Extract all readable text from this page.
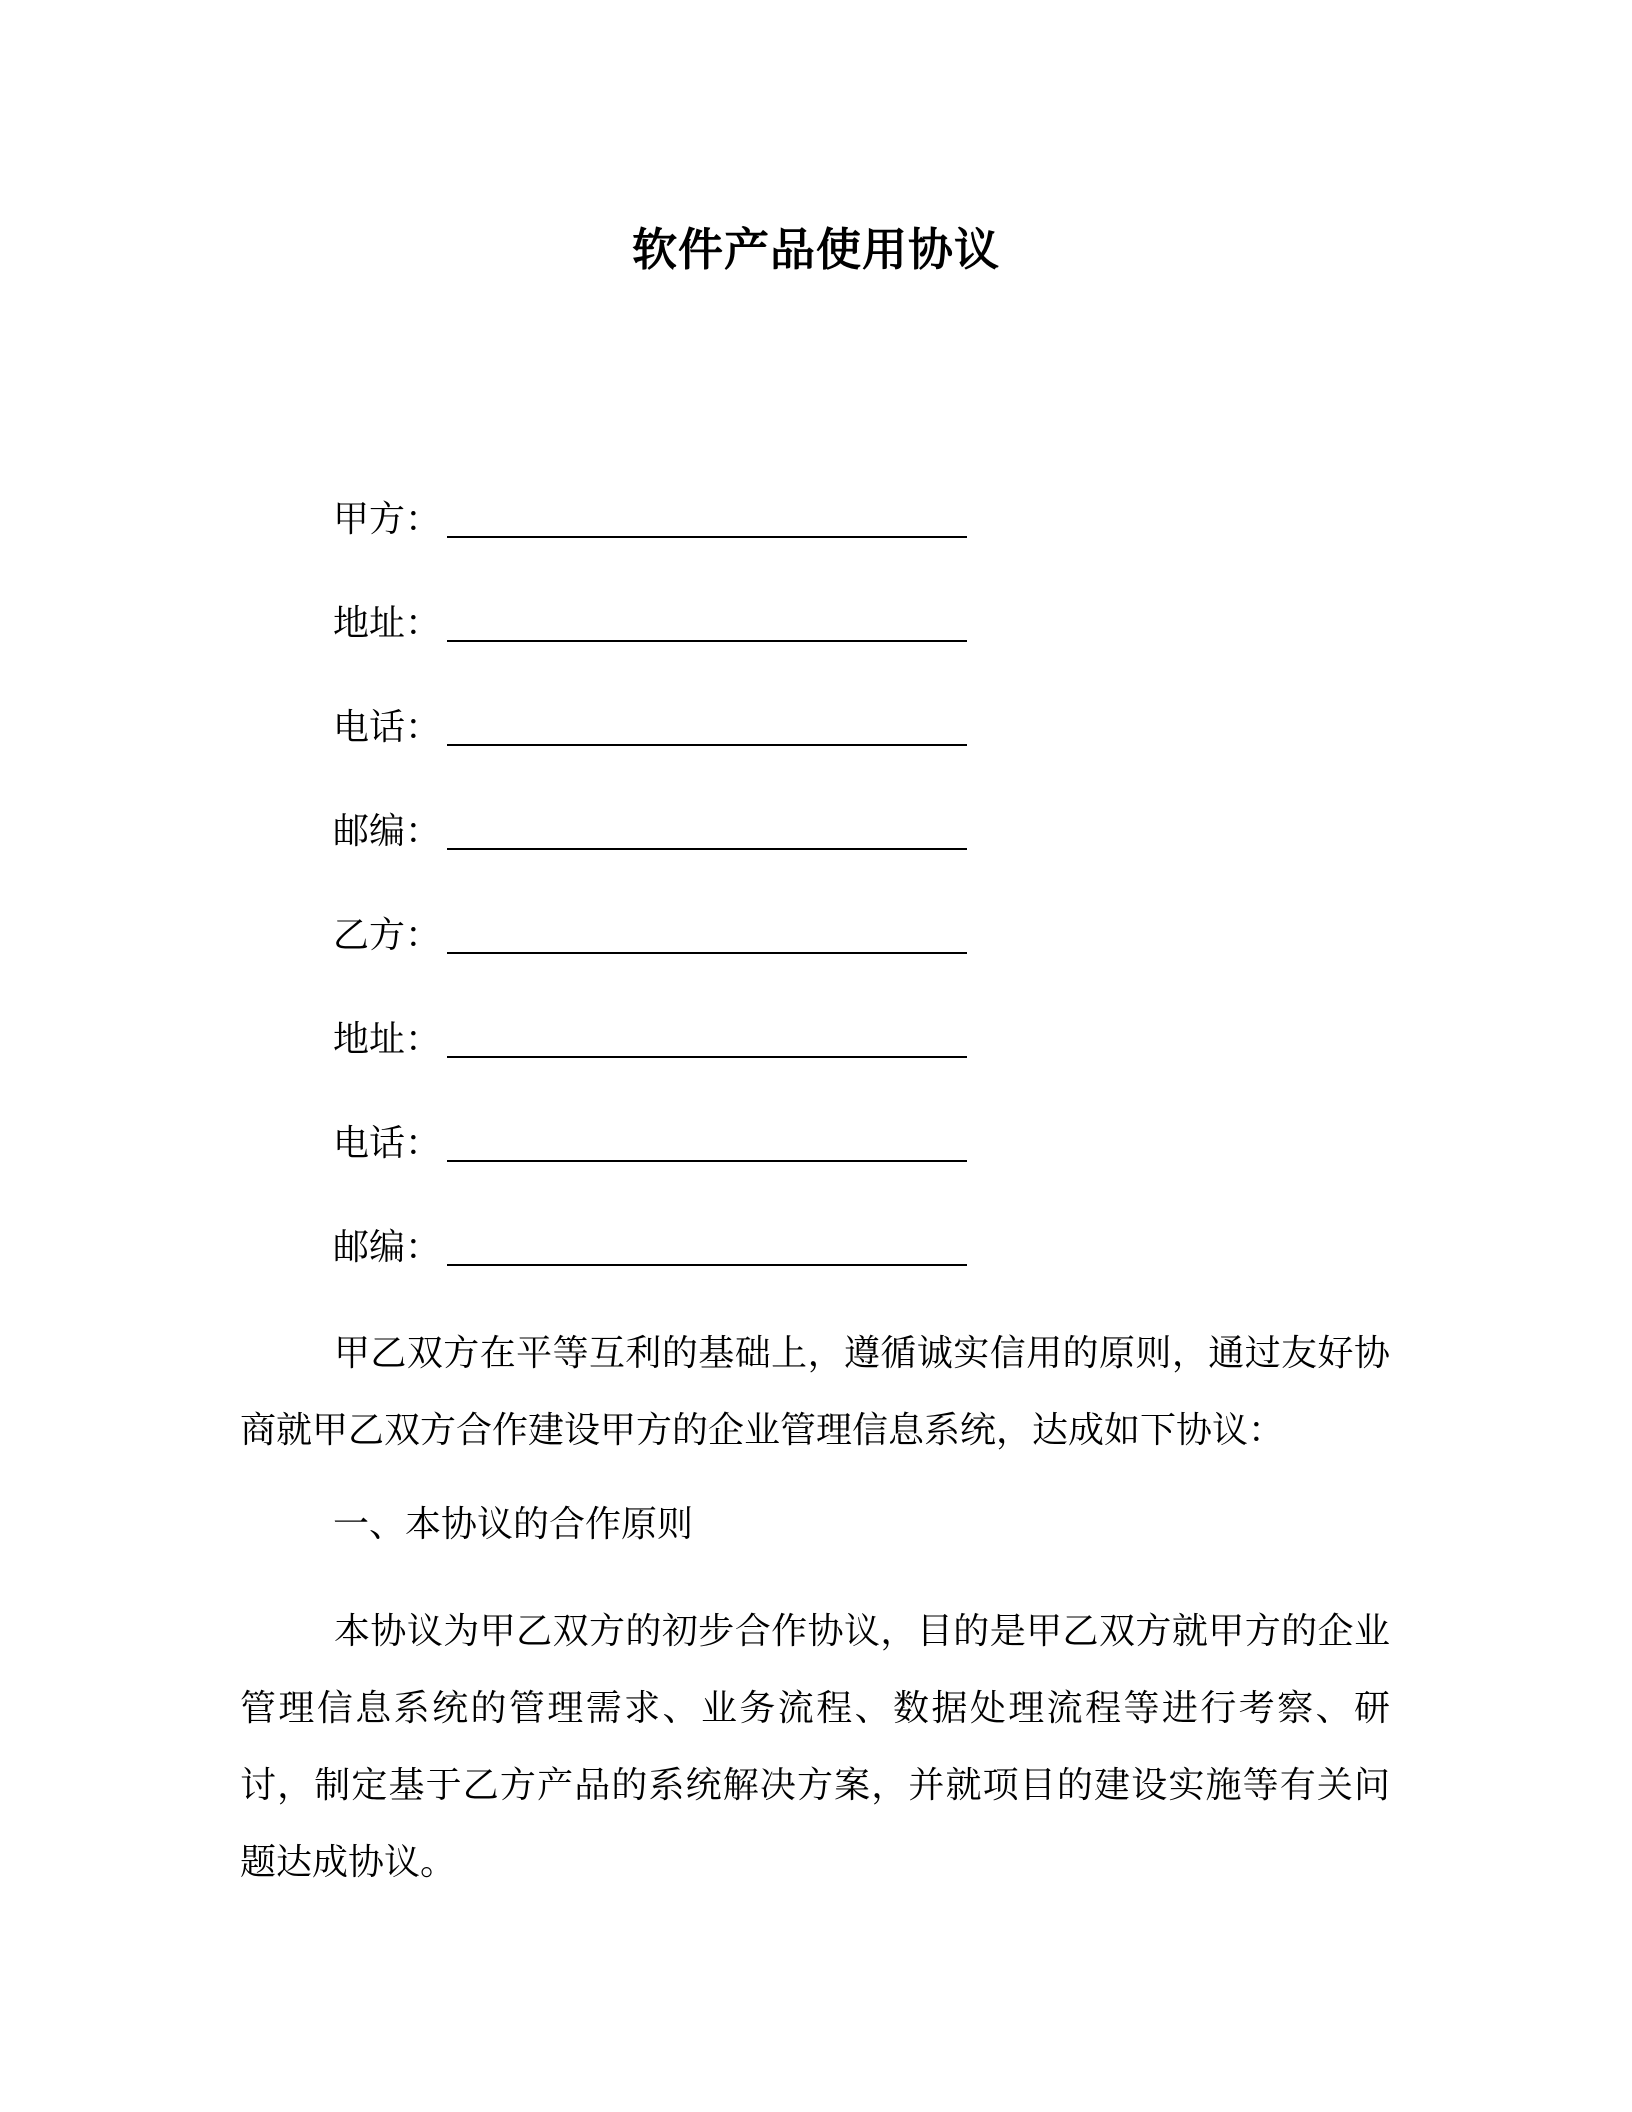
软件产品使用协议
甲方：
地址：
电话：
邮编：
乙方：
地址：
电话：
邮编：

甲乙双方在平等互利的基础上，遵循诚实信用的原则，通过友好协商就甲乙双方合作建设甲方的企业管理信息系统，达成如下协议：

一、本协议的合作原则

本协议为甲乙双方的初步合作协议，目的是甲乙双方就甲方的企业管理信息系统的管理需求、业务流程、数据处理流程等进行考察、研讨，制定基于乙方产品的系统解决方案，并就项目的建设实施等有关问题达成协议。
